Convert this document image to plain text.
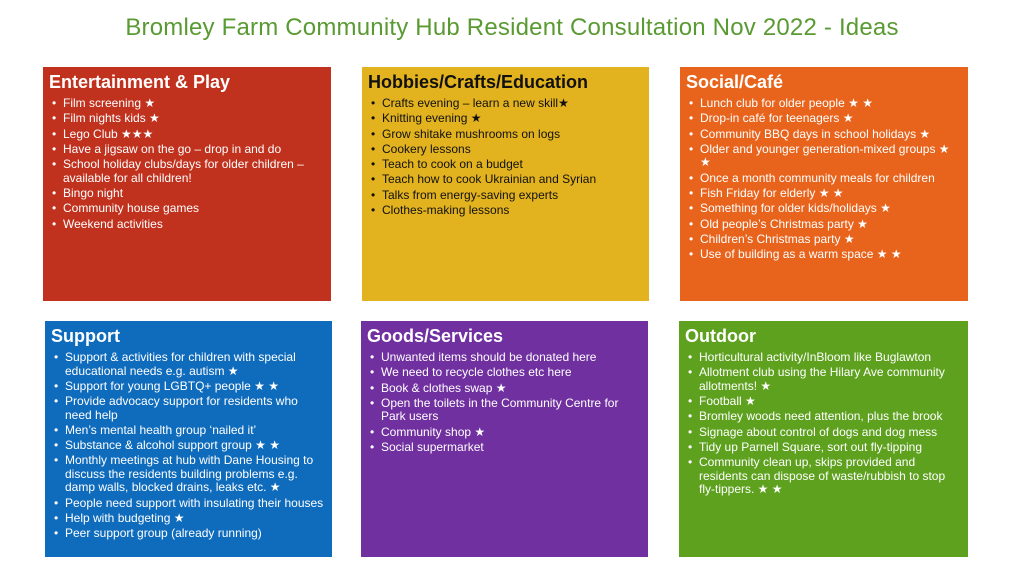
Bromley Farm Community Hub Resident Consultation Nov 2022 - Ideas
Entertainment & Play
• Film screening ★
• Film nights kids ★
• Lego Club ★★★
• Have a jigsaw on the go – drop in and do
• School holiday clubs/days for older children – available for all children!
• Bingo night
• Community house games
• Weekend activities
Hobbies/Crafts/Education
• Crafts evening – learn a new skill★
• Knitting evening ★
• Grow shitake mushrooms on logs
• Cookery lessons
• Teach to cook on a budget
• Teach how to cook Ukrainian and Syrian
• Talks from energy-saving experts
• Clothes-making lessons
Social/Café
• Lunch club for older people ★ ★
• Drop-in café for teenagers ★
• Community BBQ days in school holidays ★
• Older and younger generation-mixed groups ★ ★
• Once a month community meals for children
• Fish Friday for elderly ★ ★
• Something for older kids/holidays ★
• Old people’s Christmas party ★
• Children’s Christmas party ★
• Use of building as a warm space ★ ★
Support
• Support & activities for children with special educational needs e.g. autism ★
• Support for young LGBTQ+ people ★ ★
• Provide advocacy support for residents who need help
• Men’s mental health group ‘nailed it’
• Substance & alcohol support group ★ ★
• Monthly meetings at hub with Dane Housing to discuss the residents building problems e.g. damp walls, blocked drains, leaks etc. ★
• People need support with insulating their houses
• Help with budgeting ★
• Peer support group (already running)
Goods/Services
• Unwanted items should be donated here
• We need to recycle clothes etc here
• Book & clothes swap ★
• Open the toilets in the Community Centre for Park users
• Community shop ★
• Social supermarket
Outdoor
• Horticultural activity/InBloom like Buglawton
• Allotment club using the Hilary Ave community allotments! ★
• Football ★
• Bromley woods need attention, plus the brook
• Signage about control of dogs and dog mess
• Tidy up Parnell Square, sort out fly-tipping
• Community clean up, skips provided and residents can dispose of waste/rubbish to stop fly-tippers. ★ ★
